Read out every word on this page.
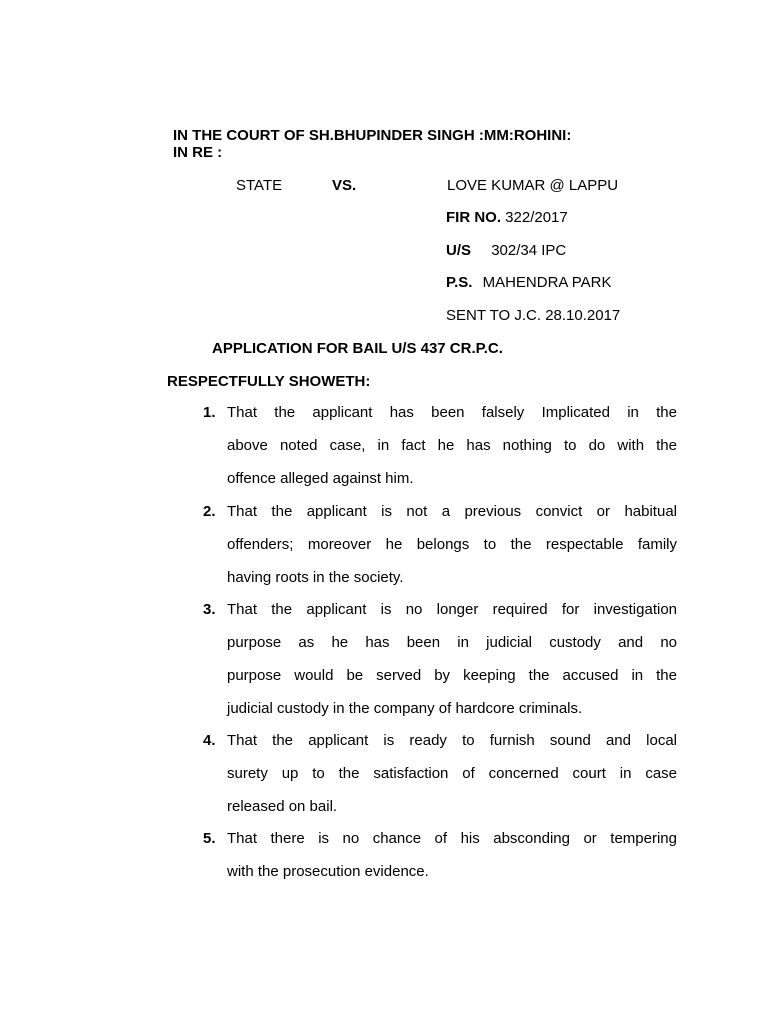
IN THE COURT OF SH.BHUPINDER SINGH :MM:ROHINI:
IN RE :
STATE	VS.	LOVE KUMAR @ LAPPU
FIR NO. 322/2017
U/S 302/34 IPC
P.S. MAHENDRA PARK
SENT TO J.C. 28.10.2017
APPLICATION FOR BAIL U/S 437 CR.P.C.
RESPECTFULLY SHOWETH:
1. That the applicant has been falsely Implicated in the
above noted case, in fact he has nothing to do with the
offence alleged against him.
2. That the applicant is not a previous convict or habitual
offenders; moreover he belongs to the respectable family
having roots in the society.
3. That the applicant is no longer required for investigation
purpose as he has been in judicial custody and no
purpose would be served by keeping the accused in the
judicial custody in the company of hardcore criminals.
4. That the applicant is ready to furnish sound and local
surety up to the satisfaction of concerned court in case
released on bail.
5. That there is no chance of his absconding or tempering
with the prosecution evidence.
